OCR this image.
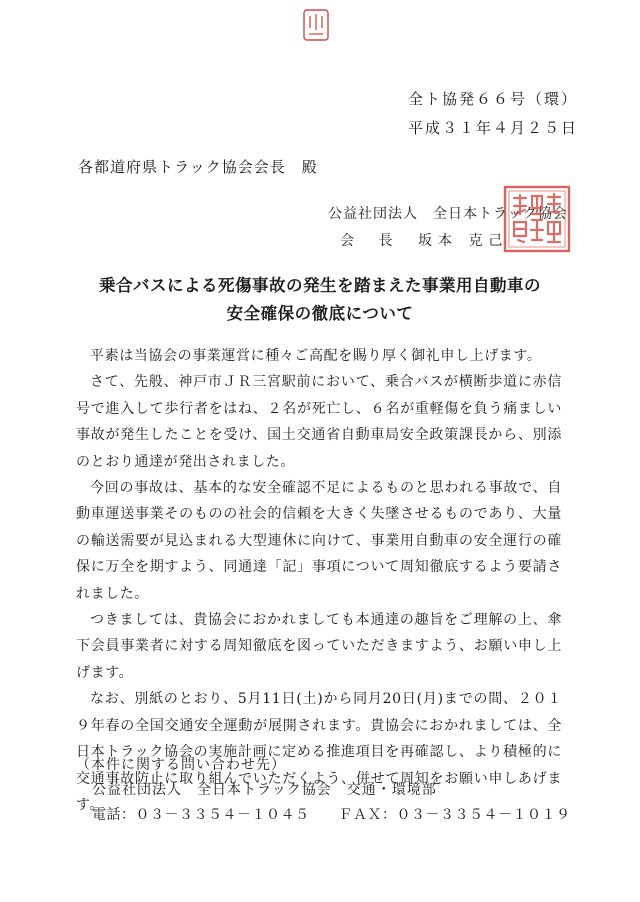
全ト協発６６号（環）
平成３１年４月２５日
各都道府県トラック協会会長　殿
公益社団法人　全日本トラック協会
会 長 坂本 克己
乗合バスによる死傷事故の発生を踏まえた事業用自動車の
安全確保の徹底について

平素は当協会の事業運営に種々ご高配を賜り厚く御礼申し上げます。

さて、先般、神戸市ＪＲ三宮駅前において、乗合バスが横断歩道に赤信号で進入して歩行者をはね、２名が死亡し、６名が重軽傷を負う痛ましい事故が発生したことを受け、国土交通省自動車局安全政策課長から、別添のとおり通達が発出されました。

今回の事故は、基本的な安全確認不足によるものと思われる事故で、自動車運送事業そのものの社会的信頼を大きく失墜させるものであり、大量の輸送需要が見込まれる大型連休に向けて、事業用自動車の安全運行の確保に万全を期すよう、同通達「記」事項について周知徹底するよう要請されました。

つきましては、貴協会におかれましても本通達の趣旨をご理解の上、傘下会員事業者に対する周知徹底を図っていただきますよう、お願い申し上げます。

なお、別紙のとおり、5月11日(土)から同月20日(月)までの間、２０１９年春の全国交通安全運動が展開されます。貴協会におかれましては、全日本トラック協会の実施計画に定める推進項目を再確認し、より積極的に交通事故防止に取り組んでいただくよう、併せて周知をお願い申しあげます。

（本件に関する問い合わせ先）
公益社団法人　全日本トラック協会　交通・環境部
電話：０３－３３５４－１０４５　　ＦＡＸ：０３－３３５４－１０１９
